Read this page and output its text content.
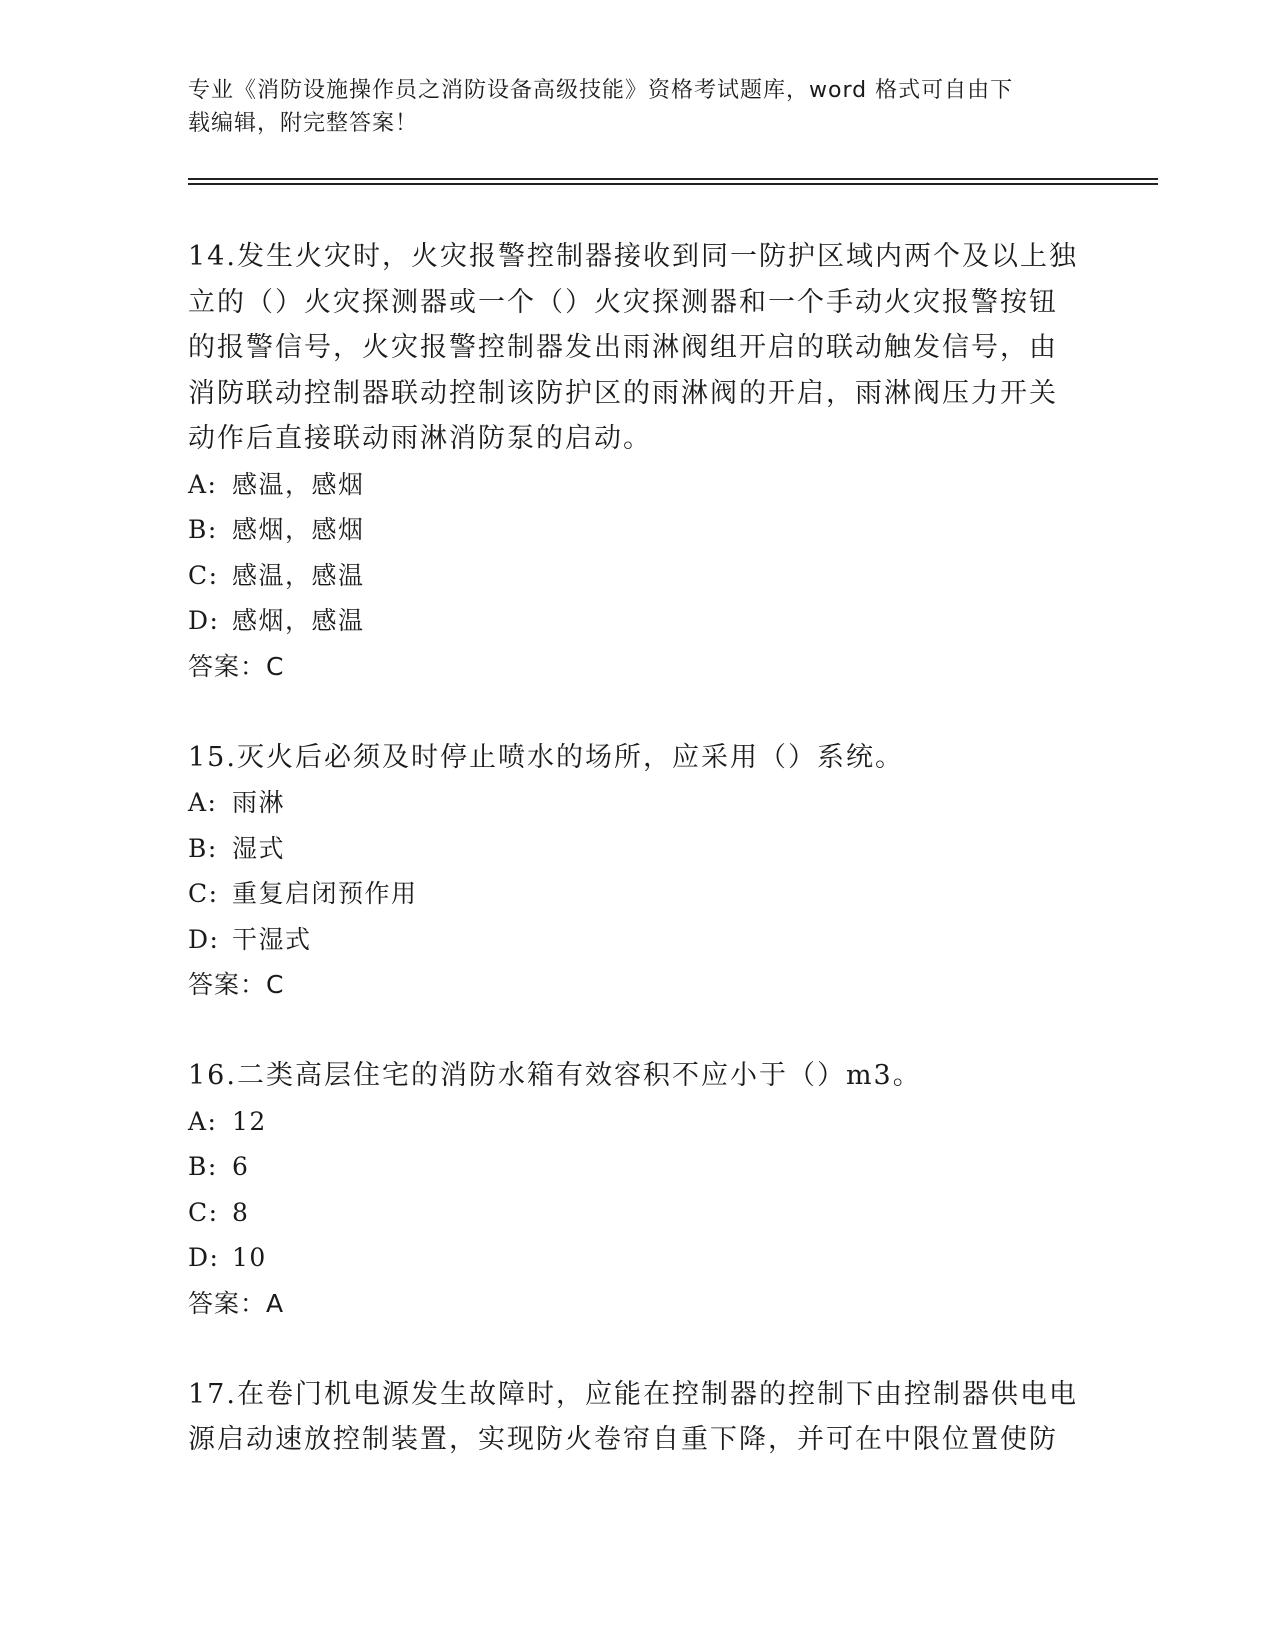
专业《消防设施操作员之消防设备高级技能》资格考试题库，word 格式可自由下
载编辑，附完整答案！

14.发生火灾时，火灾报警控制器接收到同一防护区域内两个及以上独

立的（）火灾探测器或一个（）火灾探测器和一个手动火灾报警按钮

的报警信号，火灾报警控制器发出雨淋阀组开启的联动触发信号，由

消防联动控制器联动控制该防护区的雨淋阀的开启，雨淋阀压力开关

动作后直接联动雨淋消防泵的启动。

A: 感温，感烟

B: 感烟，感烟

C: 感温，感温

D: 感烟，感温

答案：C

15.灭火后必须及时停止喷水的场所，应采用（）系统。

A: 雨淋

B: 湿式

C: 重复启闭预作用

D: 干湿式

答案：C

16.二类高层住宅的消防水箱有效容积不应小于（）m3。

A: 12

B: 6

C: 8

D: 10

答案：A

17.在卷门机电源发生故障时，应能在控制器的控制下由控制器供电电

源启动速放控制装置，实现防火卷帘自重下降，并可在中限位置使防
